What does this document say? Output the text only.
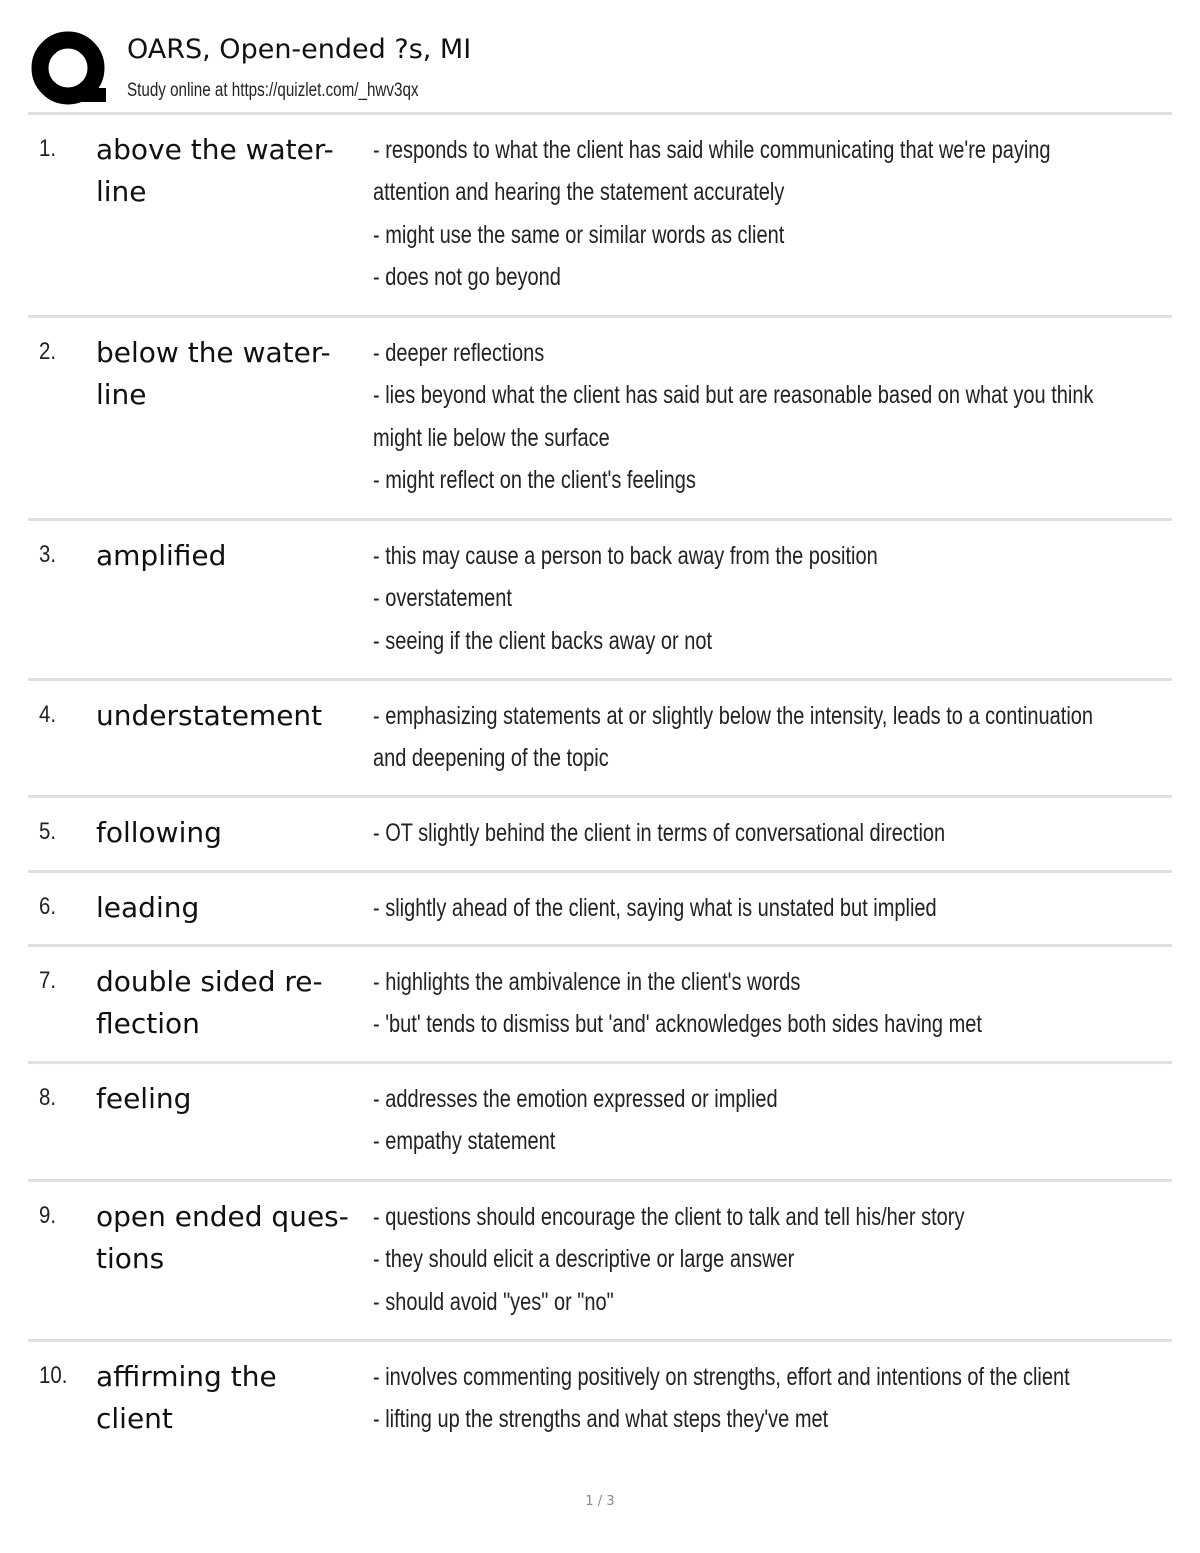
OARS, Open-ended ?s, MI
Study online at https://quizlet.com/_hwv3qx
1. above the water-
line
- responds to what the client has said while communicating that we're paying
attention and hearing the statement accurately
- might use the same or similar words as client
- does not go beyond
2. below the water-
line
- deeper reflections
- lies beyond what the client has said but are reasonable based on what you think
might lie below the surface
- might reflect on the client's feelings
3. amplified	- this may cause a person to back away from the position
- overstatement
- seeing if the client backs away or not
4. understatement	- emphasizing statements at or slightly below the intensity, leads to a continuation
and deepening of the topic
5. following	- OT slightly behind the client in terms of conversational direction
6. leading	- slightly ahead of the client, saying what is unstated but implied
7. double sided re-
flection
- highlights the ambivalence in the client's words
- 'but' tends to dismiss but 'and' acknowledges both sides having met
8. feeling	- addresses the emotion expressed or implied
- empathy statement
9. open ended ques-
tions
- questions should encourage the client to talk and tell his/her story
- they should elicit a descriptive or large answer
- should avoid "yes" or "no"
10. affirming the
client
- involves commenting positively on strengths, effort and intentions of the client
- lifting up the strengths and what steps they've met
1 / 3
